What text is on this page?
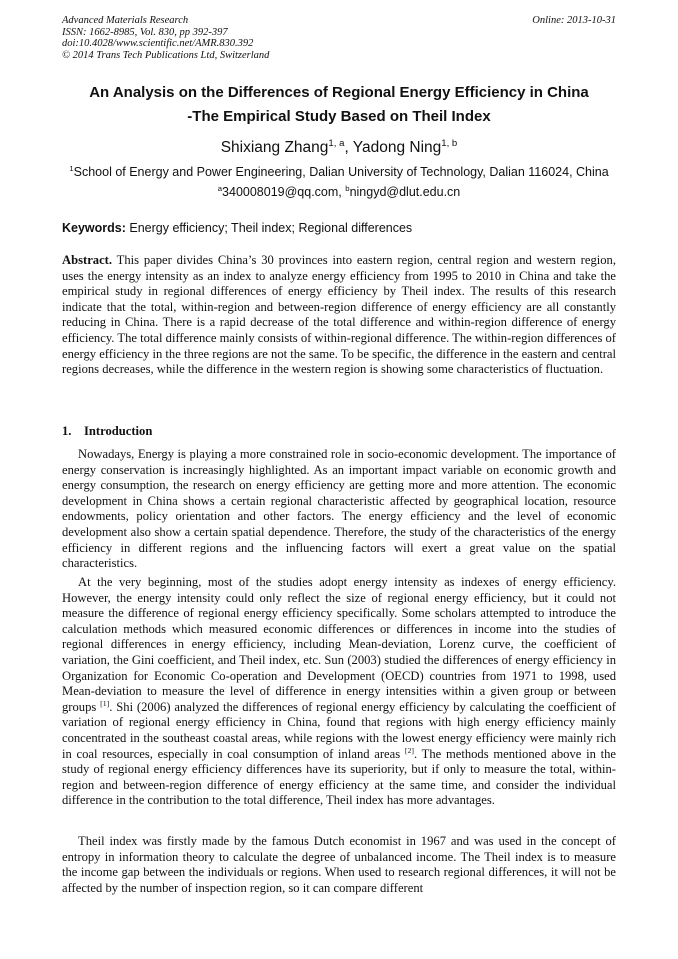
Advanced Materials Research
ISSN: 1662-8985, Vol. 830, pp 392-397
doi:10.4028/www.scientific.net/AMR.830.392
© 2014 Trans Tech Publications Ltd, Switzerland
Online: 2013-10-31
An Analysis on the Differences of Regional Energy Efficiency in China
-The Empirical Study Based on Theil Index
Shixiang Zhang$^{1, a}$, Yadong Ning$^{1, b}$
$^1$School of Energy and Power Engineering, Dalian University of Technology, Dalian 116024, China
$^a$340008019@qq.com, $^b$ningyd@dlut.edu.cn
Keywords: Energy efficiency; Theil index; Regional differences
Abstract. This paper divides China’s 30 provinces into eastern region, central region and western region, uses the energy intensity as an index to analyze energy efficiency from 1995 to 2010 in China and take the empirical study in regional differences of energy efficiency by Theil index. The results of this research indicate that the total, within-region and between-region difference of energy efficiency are all constantly reducing in China. There is a rapid decrease of the total difference and within-region difference of energy efficiency. The total difference mainly consists of within-regional difference. The within-region differences of energy efficiency in the three regions are not the same. To be specific, the difference in the eastern and central regions decreases, while the difference in the western region is showing some characteristics of fluctuation.
1. Introduction
Nowadays, Energy is playing a more constrained role in socio-economic development. The importance of energy conservation is increasingly highlighted. As an important impact variable on economic growth and energy consumption, the research on energy efficiency are getting more and more attention. The economic development in China shows a certain regional characteristic affected by geographical location, resource endowments, policy orientation and other factors. The energy efficiency and the level of economic development also show a certain spatial dependence. Therefore, the study of the characteristics of the energy efficiency in different regions and the influencing factors will exert a great value on the spatial characteristics.
At the very beginning, most of the studies adopt energy intensity as indexes of energy efficiency. However, the energy intensity could only reflect the size of regional energy efficiency, but it could not measure the difference of regional energy efficiency specifically. Some scholars attempted to introduce the calculation methods which measured economic differences or differences in income into the studies of regional differences in energy efficiency, including Mean-deviation, Lorenz curve, the coefficient of variation, the Gini coefficient, and Theil index, etc. Sun (2003) studied the differences of energy efficiency in Organization for Economic Co-operation and Development (OECD) countries from 1971 to 1998, used Mean-deviation to measure the level of difference in energy intensities within a given group or between groups [1]. Shi (2006) analyzed the differences of regional energy efficiency by calculating the coefficient of variation of regional energy efficiency in China, found that regions with high energy efficiency mainly concentrated in the southeast coastal areas, while regions with the lowest energy efficiency were mainly rich in coal resources, especially in coal consumption of inland areas [2]. The methods mentioned above in the study of regional energy efficiency differences have its superiority, but if only to measure the total, within-region and between-region difference of energy efficiency at the same time, and consider the individual difference in the contribution to the total difference, Theil index has more advantages.
Theil index was firstly made by the famous Dutch economist in 1967 and was used in the concept of entropy in information theory to calculate the degree of unbalanced income. The Theil index is to measure the income gap between the individuals or regions. When used to research regional differences, it will not be affected by the number of inspection region, so it can compare different
